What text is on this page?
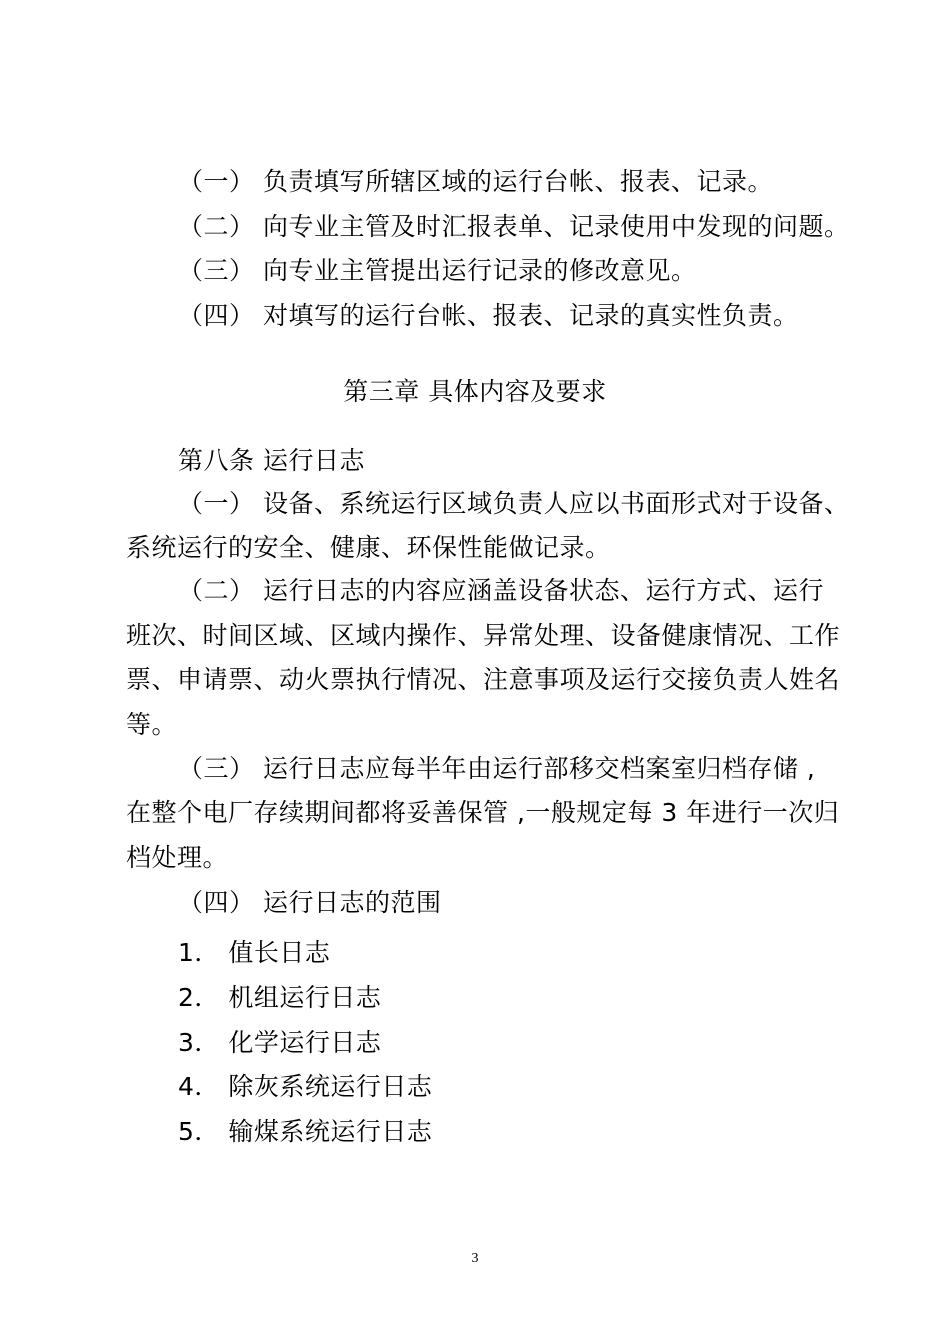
（一） 负责填写所辖区域的运行台帐、报表、记录。
（二） 向专业主管及时汇报表单、记录使用中发现的问题。
（三） 向专业主管提出运行记录的修改意见。
（四） 对填写的运行台帐、报表、记录的真实性负责。
第三章 具体内容及要求
第八条 运行日志
（一） 设备、系统运行区域负责人应以书面形式对于设备、
系统运行的安全、健康、环保性能做记录。
（二） 运行日志的内容应涵盖设备状态、运行方式、运行
班次、时间区域、区域内操作、异常处理、设备健康情况、工作
票、申请票、动火票执行情况、注意事项及运行交接负责人姓名
等。
（三） 运行日志应每半年由运行部移交档案室归档存储 ,
在整个电厂存续期间都将妥善保管 ,一般规定每 3 年进行一次归
档处理。
（四） 运行日志的范围
1． 值长日志
2． 机组运行日志
3． 化学运行日志
4． 除灰系统运行日志
5． 输煤系统运行日志
3
